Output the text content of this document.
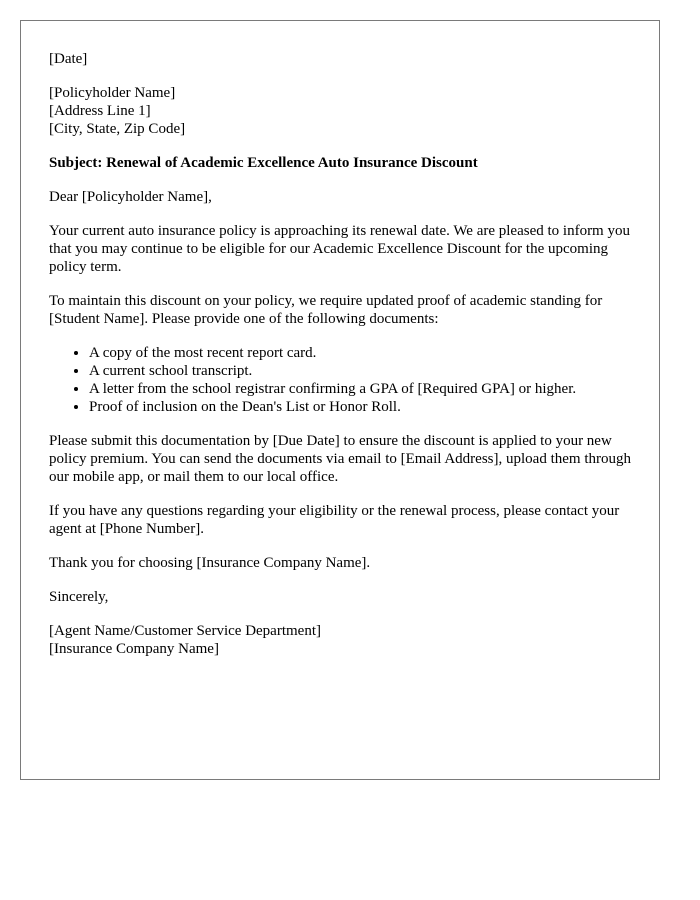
[Date]

[Policyholder Name]
[Address Line 1]
[City, State, Zip Code]

Subject: Renewal of Academic Excellence Auto Insurance Discount

Dear [Policyholder Name],

Your current auto insurance policy is approaching its renewal date. We are pleased to inform you that you may continue to be eligible for our Academic Excellence Discount for the upcoming policy term.

To maintain this discount on your policy, we require updated proof of academic standing for [Student Name]. Please provide one of the following documents:

• A copy of the most recent report card.
• A current school transcript.
• A letter from the school registrar confirming a GPA of [Required GPA] or higher.
• Proof of inclusion on the Dean's List or Honor Roll.

Please submit this documentation by [Due Date] to ensure the discount is applied to your new policy premium. You can send the documents via email to [Email Address], upload them through our mobile app, or mail them to our local office.

If you have any questions regarding your eligibility or the renewal process, please contact your agent at [Phone Number].

Thank you for choosing [Insurance Company Name].

Sincerely,

[Agent Name/Customer Service Department]
[Insurance Company Name]
